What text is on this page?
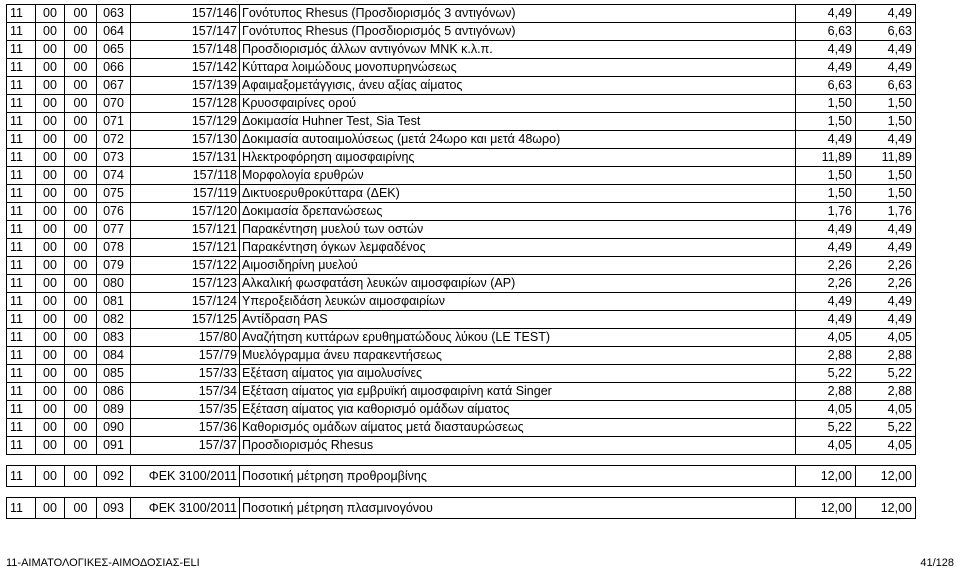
11	00	00	063	157/146	Γονότυπος Rhesus (Προσδιορισμός 3 αντιγόνων)	4,49	4,49
11	00	00	064	157/147	Γονότυπος Rhesus (Προσδιορισμός 5 αντιγόνων)	6,63	6,63
11	00	00	065	157/148	Προσδιορισμός άλλων αντιγόνων MNK κ.λ.π.	4,49	4,49
11	00	00	066	157/142	Κύτταρα λοιμώδους μονοπυρηνώσεως	4,49	4,49
11	00	00	067	157/139	Αφαιμαξομετάγγισις, άνευ αξίας αίματος	6,63	6,63
11	00	00	070	157/128	Κρυοσφαιρίνες ορού	1,50	1,50
11	00	00	071	157/129	Δοκιμασία Huhner Test, Sia Test	1,50	1,50
11	00	00	072	157/130	Δοκιμασία αυτοαιμολύσεως (μετά 24ωρο και μετά 48ωρο)	4,49	4,49
11	00	00	073	157/131	Ηλεκτροφόρηση αιμοσφαιρίνης	11,89	11,89
11	00	00	074	157/118	Μορφολογία ερυθρών	1,50	1,50
11	00	00	075	157/119	Δικτυοερυθροκύτταρα (ΔΕΚ)	1,50	1,50
11	00	00	076	157/120	Δοκιμασία δρεπανώσεως	1,76	1,76
11	00	00	077	157/121	Παρακέντηση μυελού των οστών	4,49	4,49
11	00	00	078	157/121	Παρακέντηση όγκων λεμφαδένος	4,49	4,49
11	00	00	079	157/122	Αιμοσιδηρίνη μυελού	2,26	2,26
11	00	00	080	157/123	Αλκαλική φωσφατάση λευκών αιμοσφαιρίων (AP)	2,26	2,26
11	00	00	081	157/124	Υπεροξειδάση λευκών αιμοσφαιρίων	4,49	4,49
11	00	00	082	157/125	Αντίδραση PAS	4,49	4,49
11	00	00	083	157/80	Αναζήτηση κυττάρων ερυθηματώδους λύκου (LE TEST)	4,05	4,05
11	00	00	084	157/79	Μυελόγραμμα άνευ παρακεντήσεως	2,88	2,88
11	00	00	085	157/33	Εξέταση αίματος για αιμολυσίνες	5,22	5,22
11	00	00	086	157/34	Εξέταση αίματος για εμβρυϊκή αιμοσφαιρίνη κατά Singer	2,88	2,88
11	00	00	089	157/35	Εξέταση αίματος για καθορισμό ομάδων αίματος	4,05	4,05
11	00	00	090	157/36	Καθορισμός ομάδων αίματος μετά διασταυρώσεως	5,22	5,22
11	00	00	091	157/37	Προσδιορισμός Rhesus	4,05	4,05

11	00	00	092	ΦΕΚ 3100/2011	Ποσοτική μέτρηση προθρομβίνης	12,00	12,00

11	00	00	093	ΦΕΚ 3100/2011	Ποσοτική μέτρηση πλασμινογόνου	12,00	12,00
11-ΑΙΜΑΤΟΛΟΓΙΚΕΣ-ΑΙΜΟΔΟΣΙΑΣ-ELI	41/128
